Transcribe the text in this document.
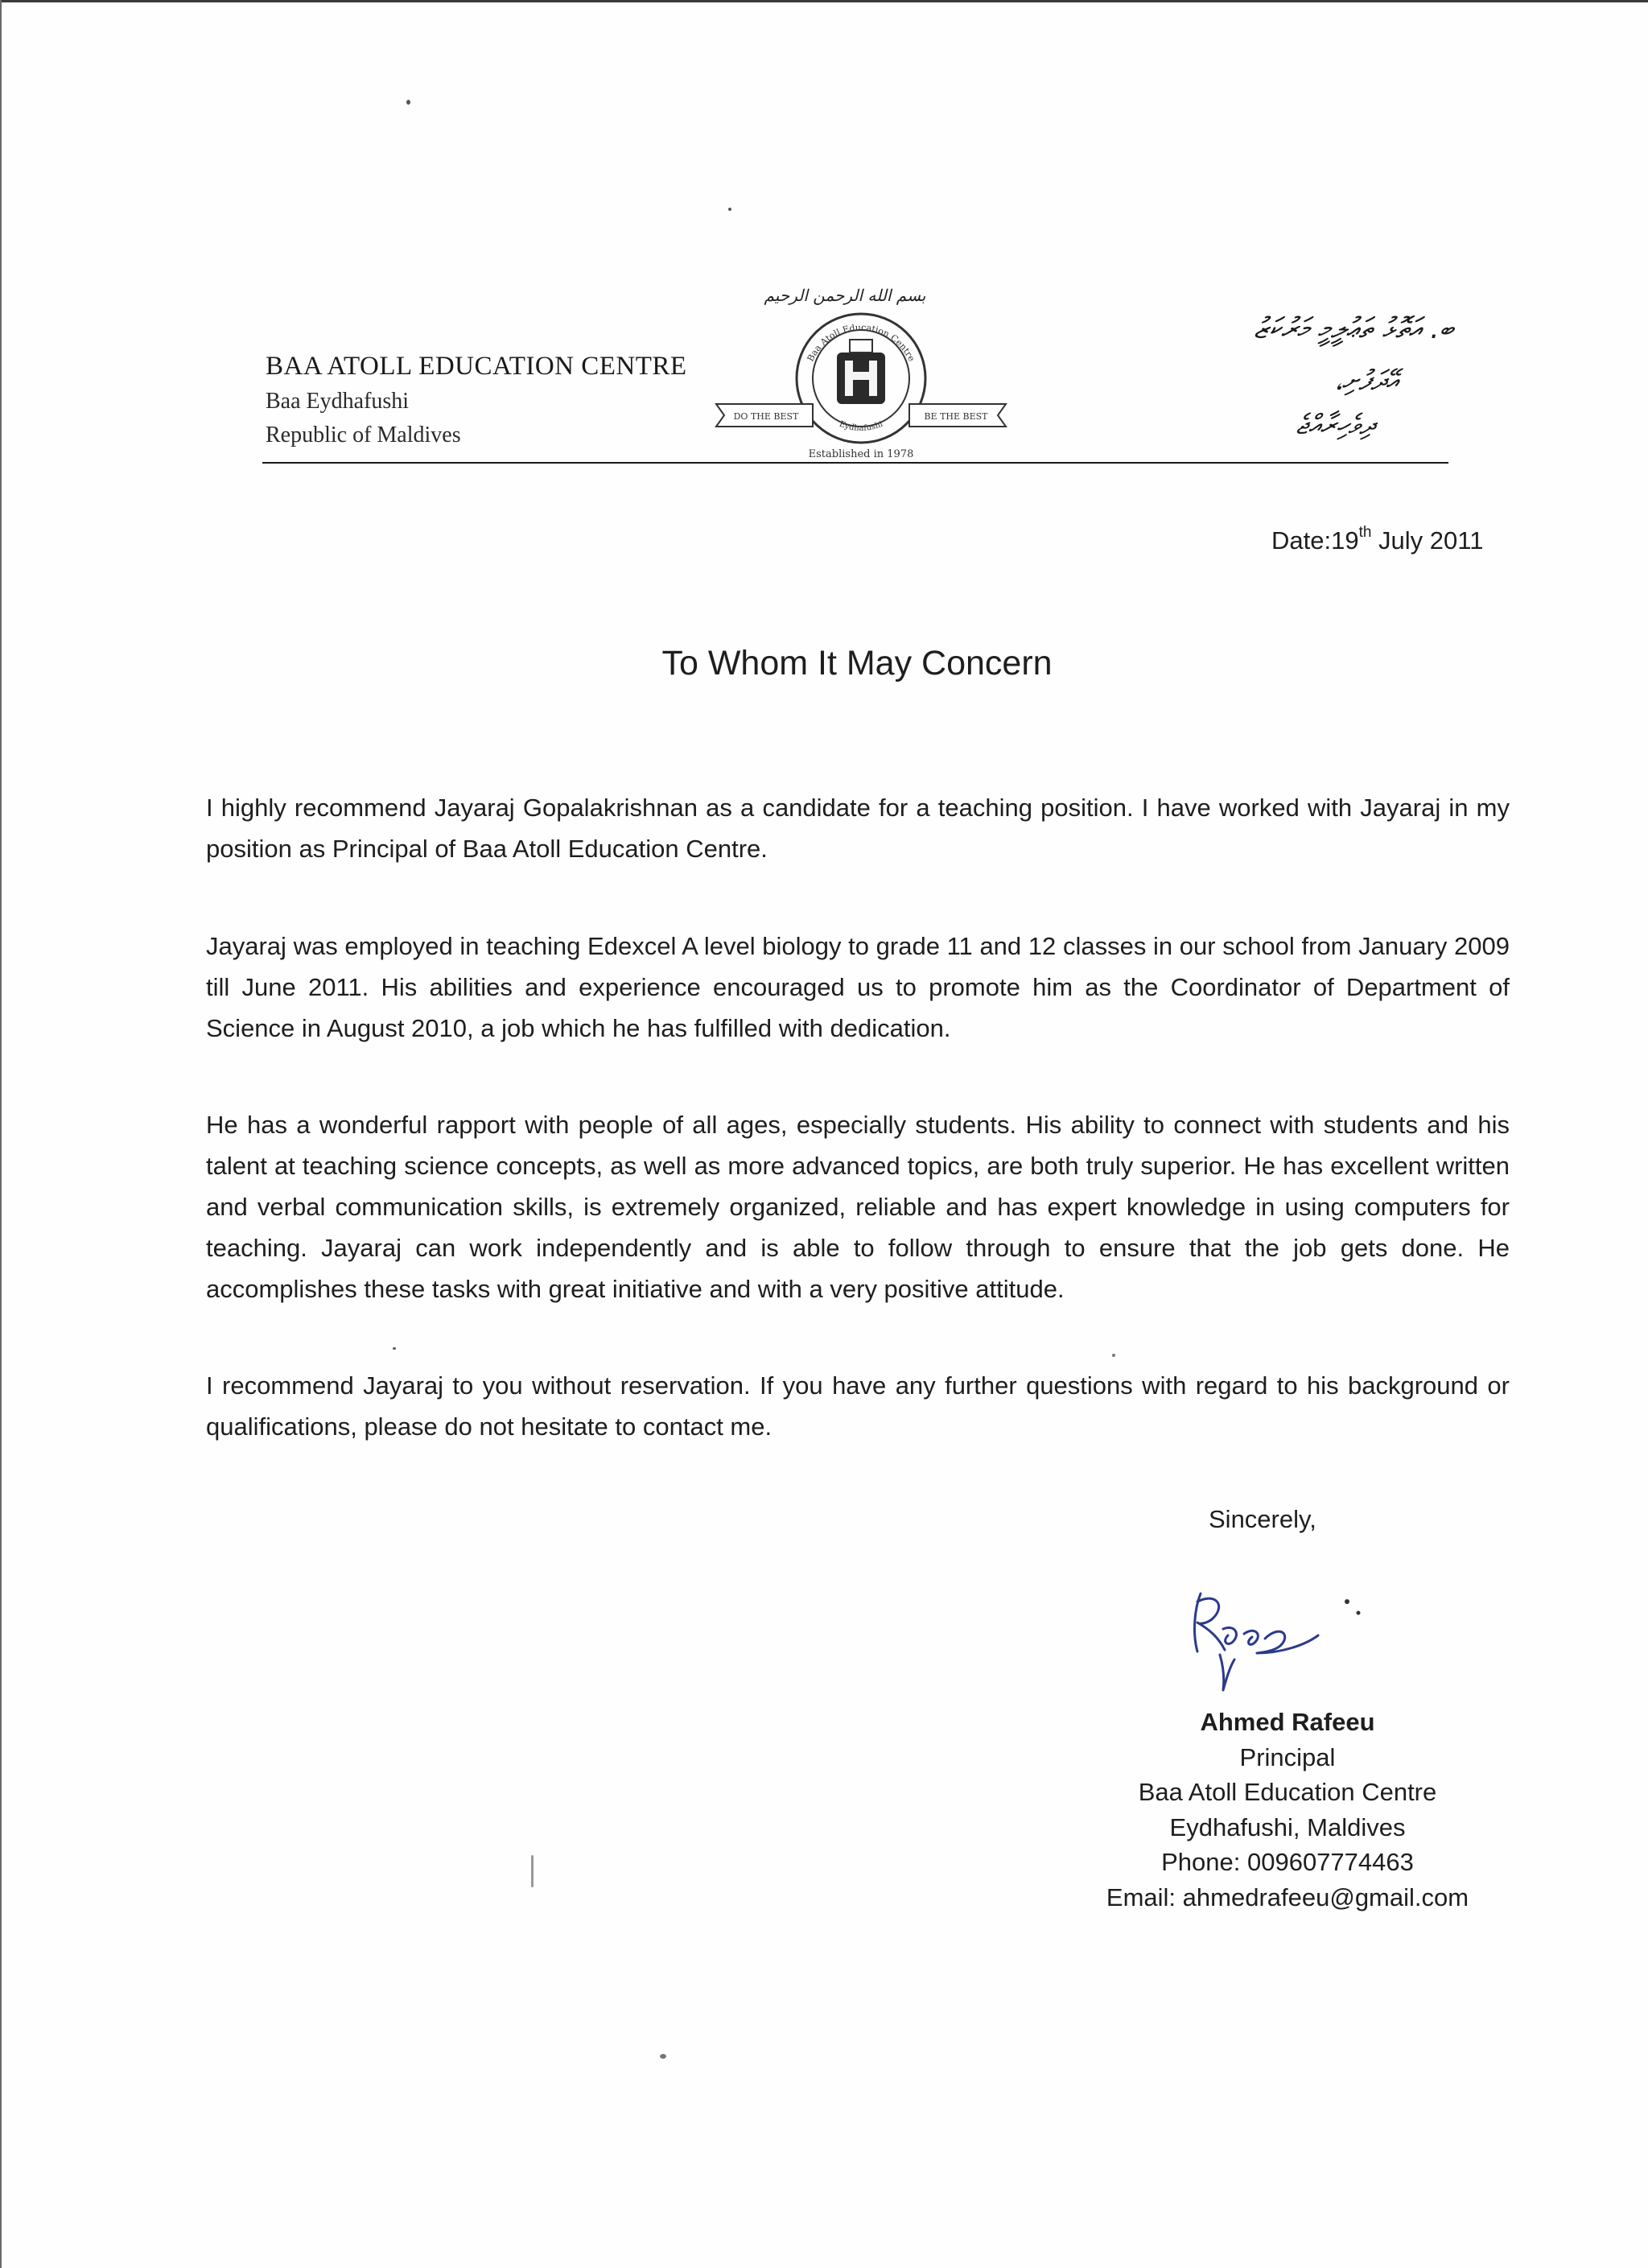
BAA ATOLL EDUCATION CENTRE
Baa Eydhafushi
Republic of Maldives
بسم الله الرحمن الرحيم
Baa Atoll Education Centre
Eydhafushi
DO THE BEST	BE THE BEST
Established in 1978
ބ. އަތޮޅު ތަޢުލީމީ މަރުކަޒު
އޭދަފުށި،
ދިވެހިރާއްޖެ
Date:19th July 2011
To Whom It May Concern

I highly recommend Jayaraj Gopalakrishnan as a candidate for a teaching position. I have worked with Jayaraj in my position as Principal of Baa Atoll Education Centre.

Jayaraj was employed in teaching Edexcel A level biology to grade 11 and 12 classes in our school from January 2009 till June 2011. His abilities and experience encouraged us to promote him as the Coordinator of Department of Science in August 2010, a job which he has fulfilled with dedication.

He has a wonderful rapport with people of all ages, especially students. His ability to connect with students and his talent at teaching science concepts, as well as more advanced topics, are both truly superior. He has excellent written and verbal communication skills, is extremely organized, reliable and has expert knowledge in using computers for teaching. Jayaraj can work independently and is able to follow through to ensure that the job gets done. He accomplishes these tasks with great initiative and with a very positive attitude.

I recommend Jayaraj to you without reservation. If you have any further questions with regard to his background or qualifications, please do not hesitate to contact me.

Sincerely,
Ahmed Rafeeu
Principal
Baa Atoll Education Centre
Eydhafushi, Maldives
Phone: 009607774463
Email: ahmedrafeeu@gmail.com
